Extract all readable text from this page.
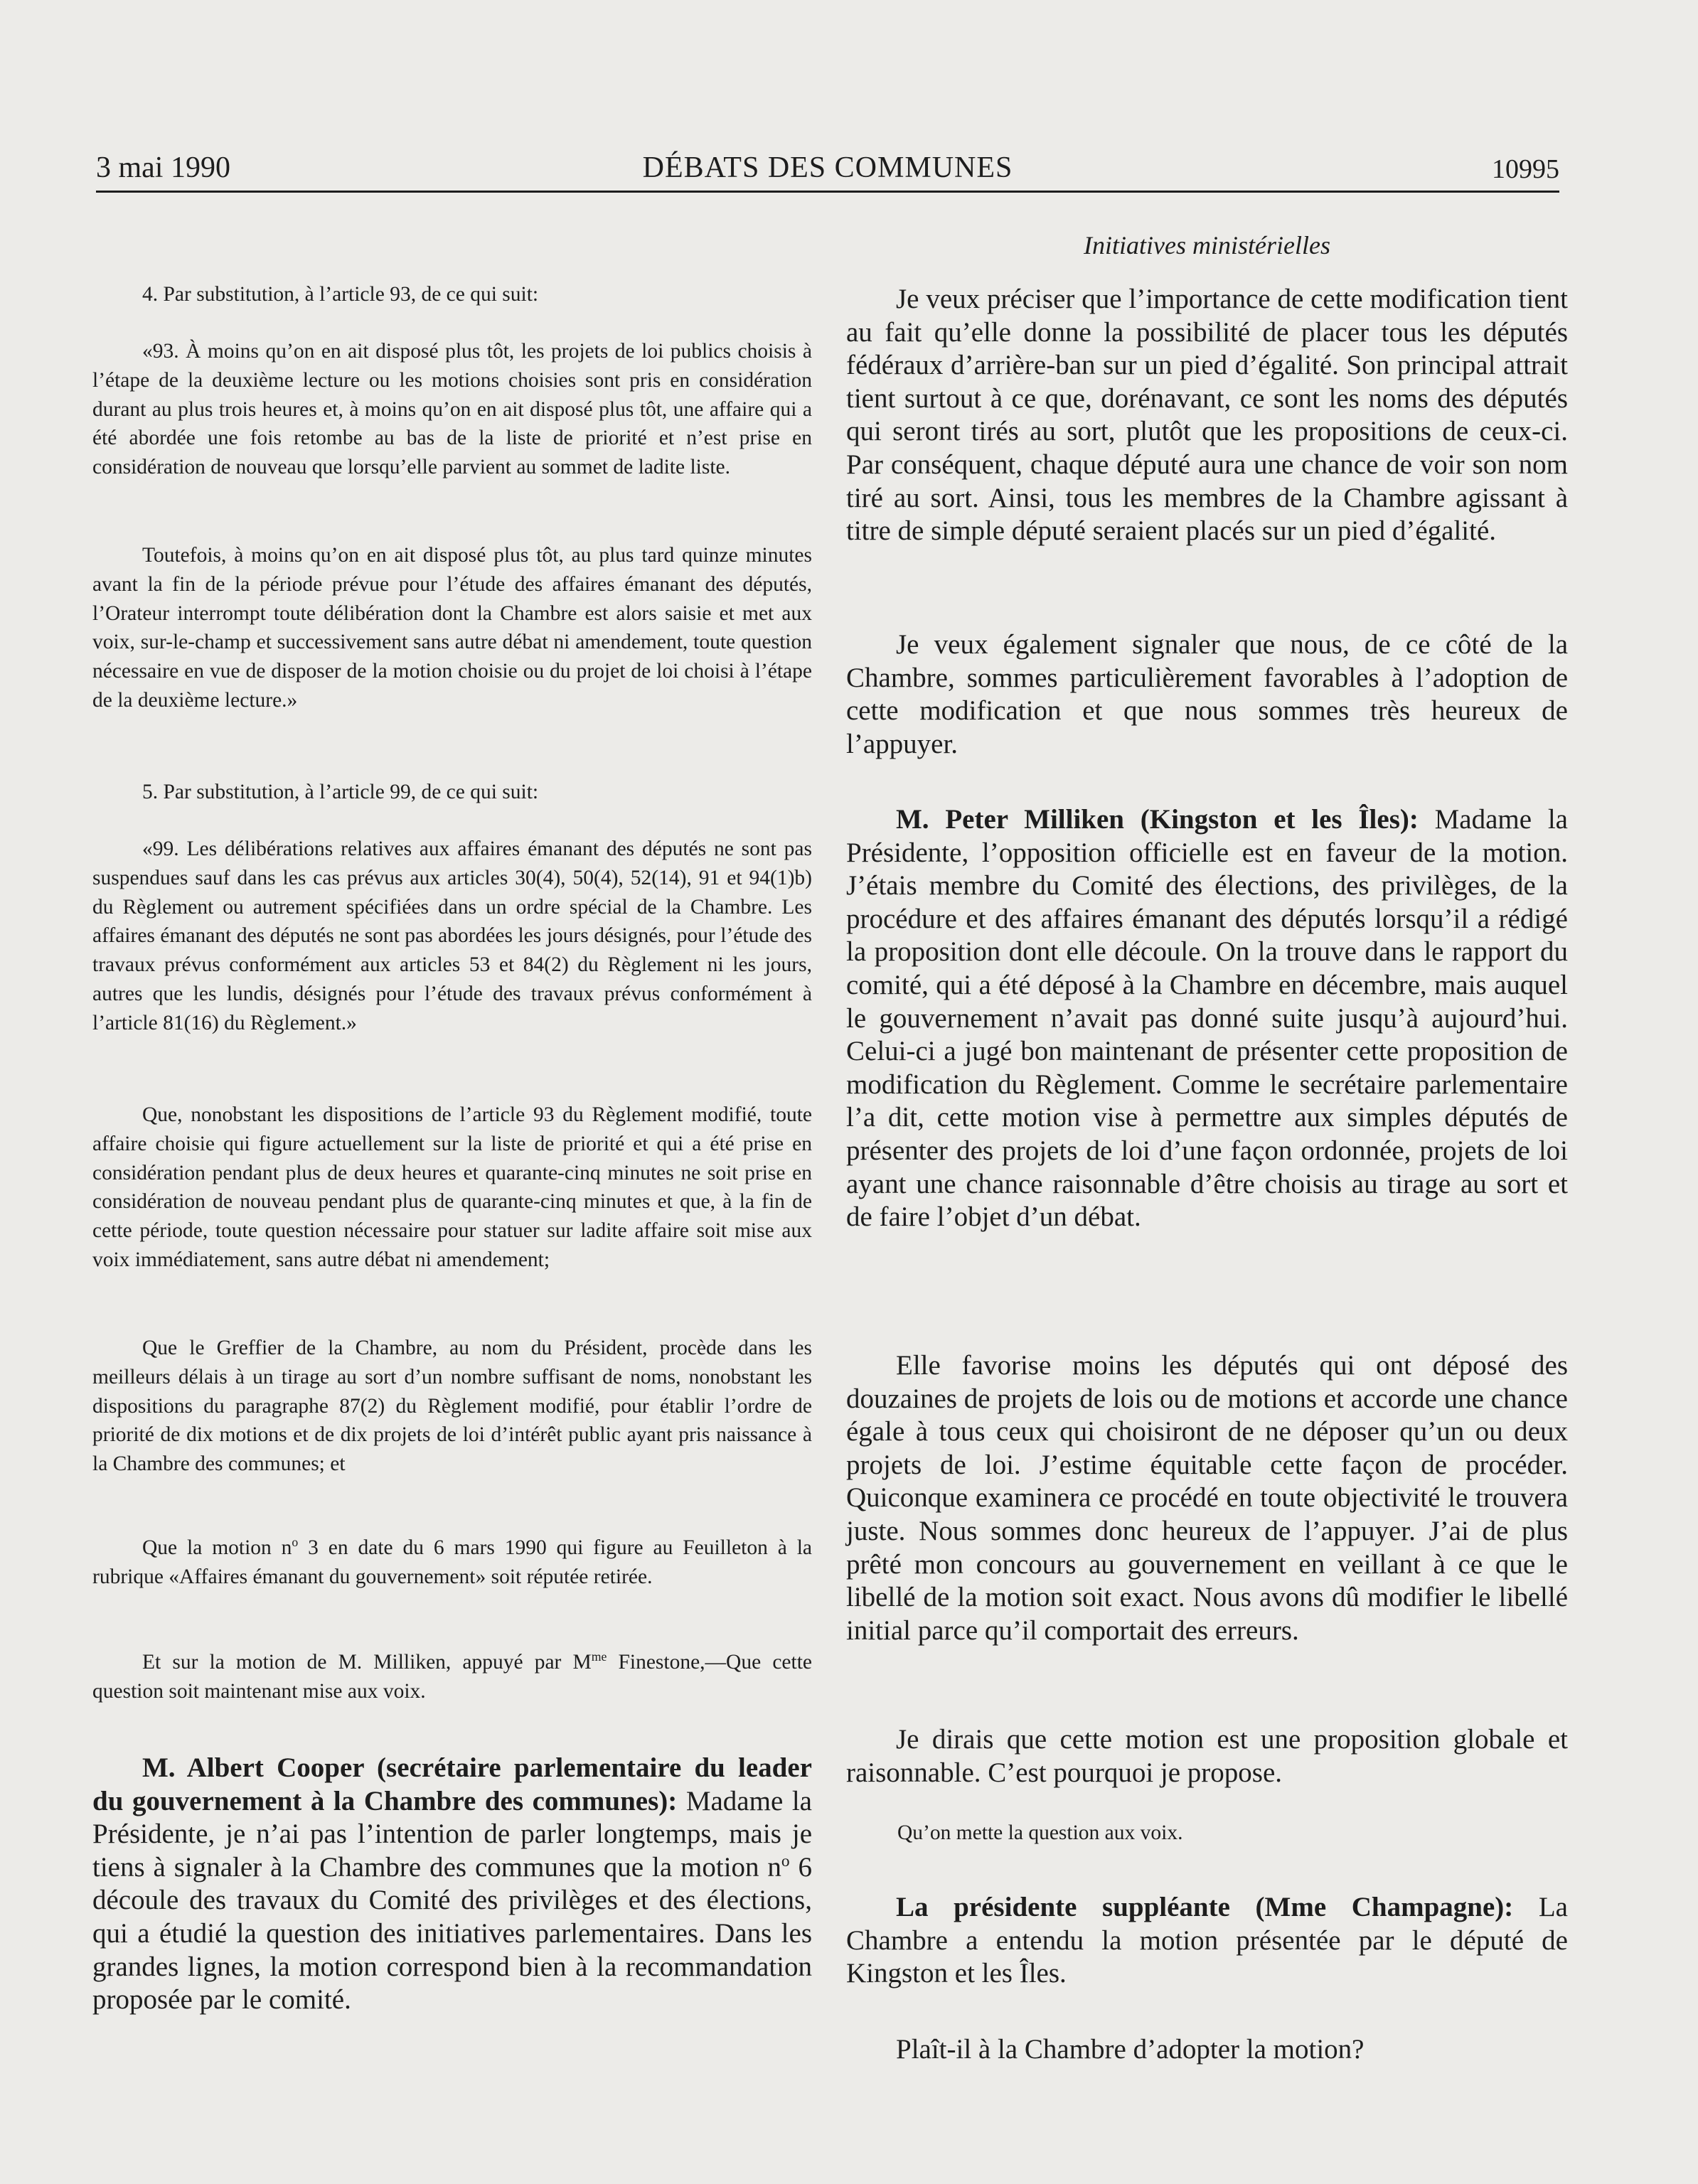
3 mai 1990	DÉBATS DES COMMUNES	10995
Initiatives ministérielles

4. Par substitution, à l’article 93, de ce qui suit:

«93. À moins qu’on en ait disposé plus tôt, les projets de loi publics choisis à l’étape de la deuxième lecture ou les motions choisies sont pris en considération durant au plus trois heures et, à moins qu’on en ait disposé plus tôt, une affaire qui a été abordée une fois retombe au bas de la liste de priorité et n’est prise en considération de nouveau que lorsqu’elle parvient au sommet de ladite liste.

Toutefois, à moins qu’on en ait disposé plus tôt, au plus tard quinze minutes avant la fin de la période prévue pour l’étude des affaires émanant des députés, l’Orateur interrompt toute délibération dont la Chambre est alors saisie et met aux voix, sur-le-champ et successivement sans autre débat ni amendement, toute question nécessaire en vue de disposer de la motion choisie ou du projet de loi choisi à l’étape de la deuxième lecture.»

5. Par substitution, à l’article 99, de ce qui suit:

«99. Les délibérations relatives aux affaires émanant des députés ne sont pas suspendues sauf dans les cas prévus aux articles 30(4), 50(4), 52(14), 91 et 94(1)b) du Règlement ou autrement spécifiées dans un ordre spécial de la Chambre. Les affaires émanant des députés ne sont pas abordées les jours désignés, pour l’étude des travaux prévus conformément aux articles 53 et 84(2) du Règlement ni les jours, autres que les lundis, désignés pour l’étude des travaux prévus conformément à l’article 81(16) du Règlement.»

Que, nonobstant les dispositions de l’article 93 du Règlement modifié, toute affaire choisie qui figure actuellement sur la liste de priorité et qui a été prise en considération pendant plus de deux heures et quarante-cinq minutes ne soit prise en considération de nouveau pendant plus de quarante-cinq minutes et que, à la fin de cette période, toute question nécessaire pour statuer sur ladite affaire soit mise aux voix immédiatement, sans autre débat ni amendement;

Que le Greffier de la Chambre, au nom du Président, procède dans les meilleurs délais à un tirage au sort d’un nombre suffisant de noms, nonobstant les dispositions du paragraphe 87(2) du Règlement modifié, pour établir l’ordre de priorité de dix motions et de dix projets de loi d’intérêt public ayant pris naissance à la Chambre des communes; et

Que la motion $n^o$ 3 en date du 6 mars 1990 qui figure au Feuilleton à la rubrique «Affaires émanant du gouvernement» soit réputée retirée.

Et sur la motion de M. Milliken, appuyé par $M^{me}$ Finestone,—Que cette question soit maintenant mise aux voix.

M. Albert Cooper (secrétaire parlementaire du leader du gouvernement à la Chambre des communes): Madame la Présidente, je n’ai pas l’intention de parler longtemps, mais je tiens à signaler à la Chambre des communes que la motion $n^o$ 6 découle des travaux du Comité des privilèges et des élections, qui a étudié la question des initiatives parlementaires. Dans les grandes lignes, la motion correspond bien à la recommandation proposée par le comité.

Je veux préciser que l’importance de cette modification tient au fait qu’elle donne la possibilité de placer tous les députés fédéraux d’arrière-ban sur un pied d’égalité. Son principal attrait tient surtout à ce que, dorénavant, ce sont les noms des députés qui seront tirés au sort, plutôt que les propositions de ceux-ci. Par conséquent, chaque député aura une chance de voir son nom tiré au sort. Ainsi, tous les membres de la Chambre agissant à titre de simple député seraient placés sur un pied d’égalité.

Je veux également signaler que nous, de ce côté de la Chambre, sommes particulièrement favorables à l’adoption de cette modification et que nous sommes très heureux de l’appuyer.

M. Peter Milliken (Kingston et les Îles): Madame la Présidente, l’opposition officielle est en faveur de la motion. J’étais membre du Comité des élections, des privilèges, de la procédure et des affaires émanant des députés lorsqu’il a rédigé la proposition dont elle découle. On la trouve dans le rapport du comité, qui a été déposé à la Chambre en décembre, mais auquel le gouvernement n’avait pas donné suite jusqu’à aujourd’hui. Celui-ci a jugé bon maintenant de présenter cette proposition de modification du Règlement. Comme le secrétaire parlementaire l’a dit, cette motion vise à permettre aux simples députés de présenter des projets de loi d’une façon ordonnée, projets de loi ayant une chance raisonnable d’être choisis au tirage au sort et de faire l’objet d’un débat.

Elle favorise moins les députés qui ont déposé des douzaines de projets de lois ou de motions et accorde une chance égale à tous ceux qui choisiront de ne déposer qu’un ou deux projets de loi. J’estime équitable cette façon de procéder. Quiconque examinera ce procédé en toute objectivité le trouvera juste. Nous sommes donc heureux de l’appuyer. J’ai de plus prêté mon concours au gouvernement en veillant à ce que le libellé de la motion soit exact. Nous avons dû modifier le libellé initial parce qu’il comportait des erreurs.

Je dirais que cette motion est une proposition globale et raisonnable. C’est pourquoi je propose.

Qu’on mette la question aux voix.

La présidente suppléante (Mme Champagne): La Chambre a entendu la motion présentée par le député de Kingston et les Îles.

Plaît-il à la Chambre d’adopter la motion?
